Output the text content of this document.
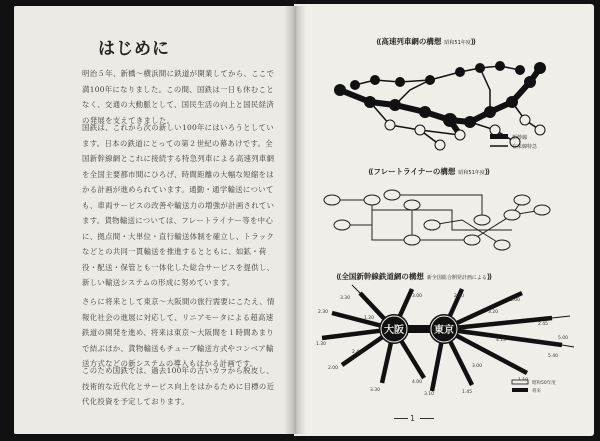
はじめに

明治５年、新橋〜横浜間に鉄道が開業してから、ここで満100年になりました。この間、国鉄は一日も休むことなく、交通の大動脈として、国民生活の向上と国民経済の発展を支えてきました。

国鉄は、これから次の新しい100年にはいろうとしています。日本の鉄道にとっての第２世紀の幕あけです。全国新幹線網とこれに接続する特急列車による高速列車網を全国主要都市間にひろげ、時間距離の大幅な短縮をはかる計画が進められています。通勤・通学輸送についても、車両サービスの改善や輸送力の増強が計画されています。貨物輸送については、フレートライナー等を中心に、拠点間・大単位・直行輸送体制を確立し、トラックなどとの共同一貫輸送を推進するとともに、如鉱・荷役・配送・保管とも一体化した総合サービスを提供し、新しい輸送システムの形成に努めています。

さらに将来として東京〜大阪間の旅行需要にこたえ、情報化社会の進展に対応して、リニアモータによる超高速鉄道の開発を進め、将来は東京〜大阪間を１時間あまりで結ぶほか、貨物輸送もチューブ輸送方式やコンベア輸送方式などの新システムの導入もはかる計画です。

このため国鉄では、過去100年の古いカラから脱皮し、技術的な近代化とサービス向上をはかるために目標の近代化投資を予定しております。

⟪高速列車網の構想 昭和51年度⟫
新幹線
在来線特急
⟪フレートライナーの構想 昭和51年度⟫
⟪全国新幹線鉄道網の構想 新全国総合開発計画による⟫
大阪	東京
3.30	3.00
2.30
1.30
2.00
3.30
4.00
2.00
3.00
2.45
5.00
1.45
3.10
4.15
1.20
3.20
2.40
5.40
3.00
昭和50年度
将来
1
